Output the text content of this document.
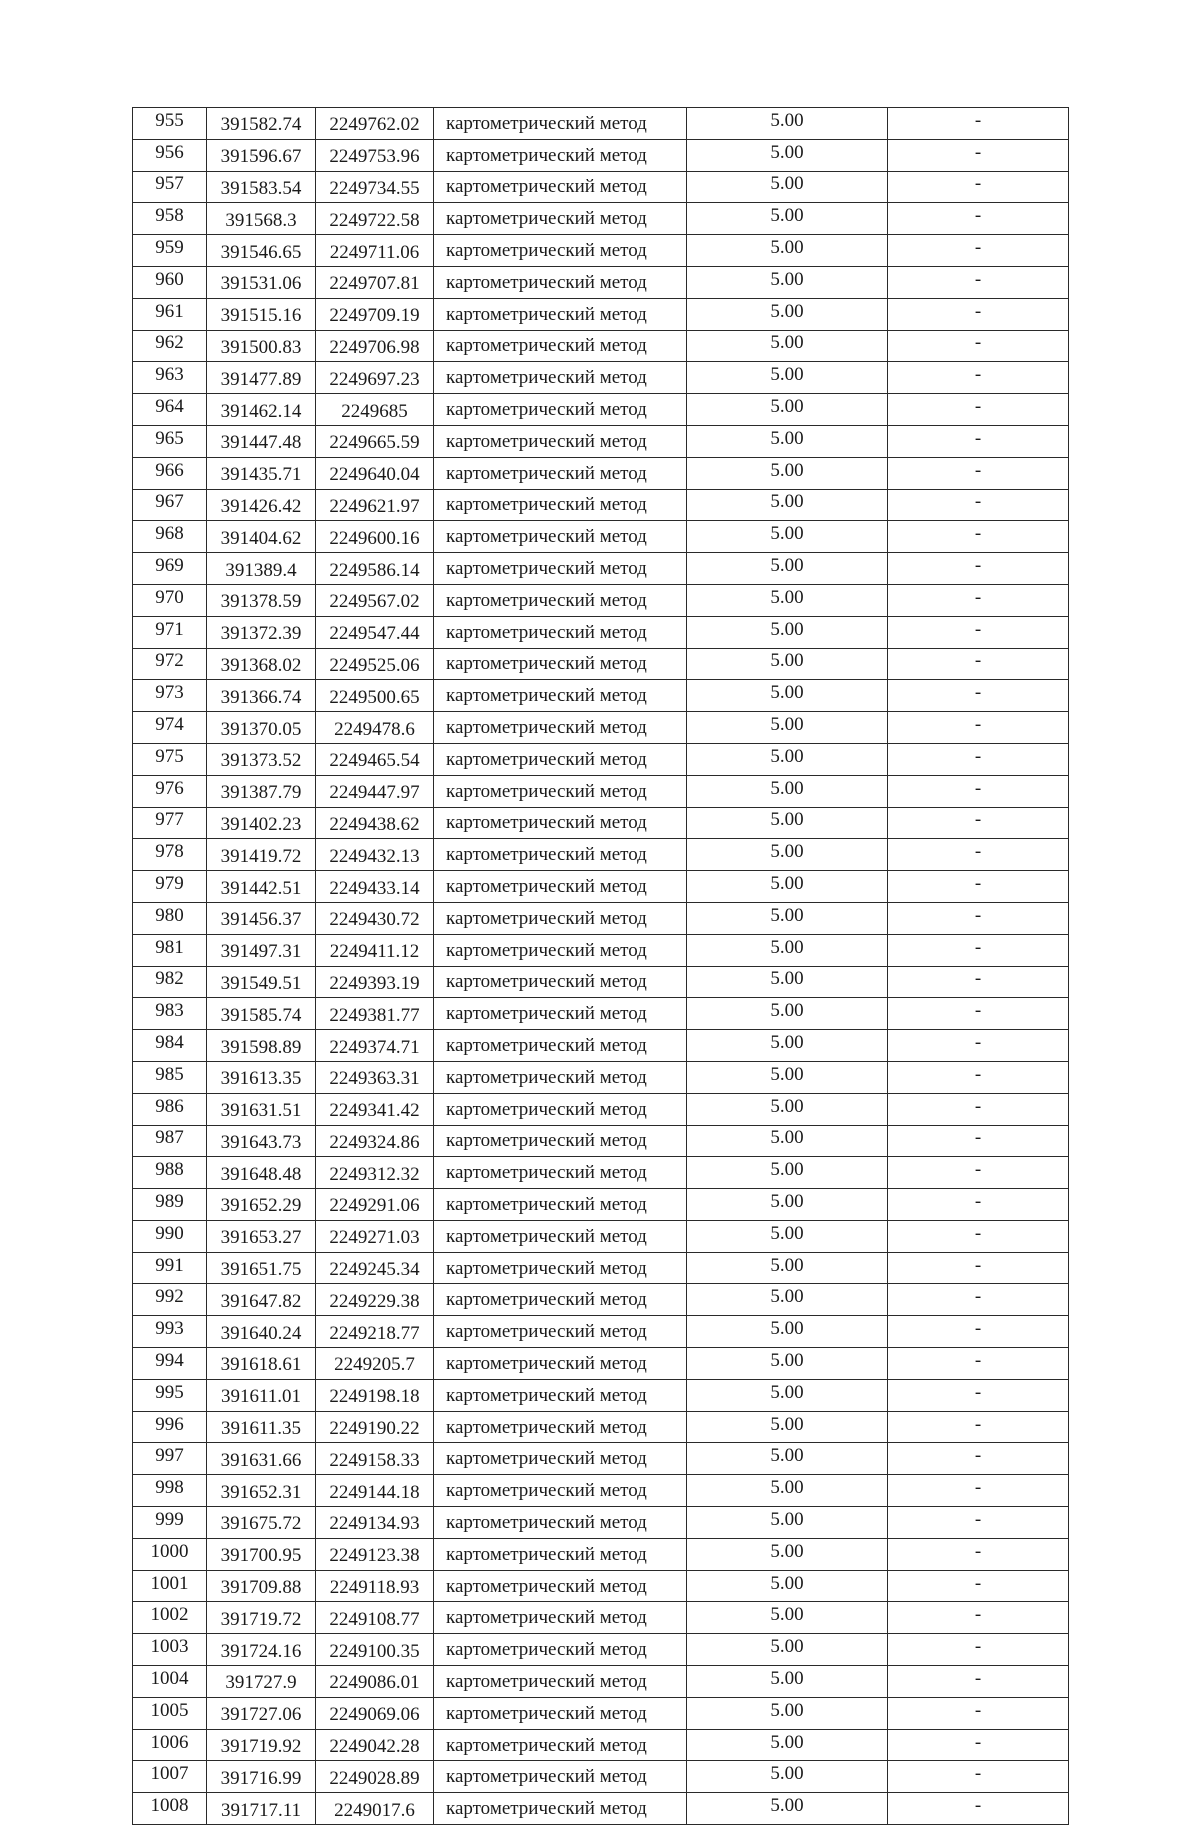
955	391582.74	2249762.02	картометрический метод	5.00	-
956	391596.67	2249753.96	картометрический метод	5.00	-
957	391583.54	2249734.55	картометрический метод	5.00	-
958	391568.3	2249722.58	картометрический метод	5.00	-
959	391546.65	2249711.06	картометрический метод	5.00	-
960	391531.06	2249707.81	картометрический метод	5.00	-
961	391515.16	2249709.19	картометрический метод	5.00	-
962	391500.83	2249706.98	картометрический метод	5.00	-
963	391477.89	2249697.23	картометрический метод	5.00	-
964	391462.14	2249685	картометрический метод	5.00	-
965	391447.48	2249665.59	картометрический метод	5.00	-
966	391435.71	2249640.04	картометрический метод	5.00	-
967	391426.42	2249621.97	картометрический метод	5.00	-
968	391404.62	2249600.16	картометрический метод	5.00	-
969	391389.4	2249586.14	картометрический метод	5.00	-
970	391378.59	2249567.02	картометрический метод	5.00	-
971	391372.39	2249547.44	картометрический метод	5.00	-
972	391368.02	2249525.06	картометрический метод	5.00	-
973	391366.74	2249500.65	картометрический метод	5.00	-
974	391370.05	2249478.6	картометрический метод	5.00	-
975	391373.52	2249465.54	картометрический метод	5.00	-
976	391387.79	2249447.97	картометрический метод	5.00	-
977	391402.23	2249438.62	картометрический метод	5.00	-
978	391419.72	2249432.13	картометрический метод	5.00	-
979	391442.51	2249433.14	картометрический метод	5.00	-
980	391456.37	2249430.72	картометрический метод	5.00	-
981	391497.31	2249411.12	картометрический метод	5.00	-
982	391549.51	2249393.19	картометрический метод	5.00	-
983	391585.74	2249381.77	картометрический метод	5.00	-
984	391598.89	2249374.71	картометрический метод	5.00	-
985	391613.35	2249363.31	картометрический метод	5.00	-
986	391631.51	2249341.42	картометрический метод	5.00	-
987	391643.73	2249324.86	картометрический метод	5.00	-
988	391648.48	2249312.32	картометрический метод	5.00	-
989	391652.29	2249291.06	картометрический метод	5.00	-
990	391653.27	2249271.03	картометрический метод	5.00	-
991	391651.75	2249245.34	картометрический метод	5.00	-
992	391647.82	2249229.38	картометрический метод	5.00	-
993	391640.24	2249218.77	картометрический метод	5.00	-
994	391618.61	2249205.7	картометрический метод	5.00	-
995	391611.01	2249198.18	картометрический метод	5.00	-
996	391611.35	2249190.22	картометрический метод	5.00	-
997	391631.66	2249158.33	картометрический метод	5.00	-
998	391652.31	2249144.18	картометрический метод	5.00	-
999	391675.72	2249134.93	картометрический метод	5.00	-
1000	391700.95	2249123.38	картометрический метод	5.00	-
1001	391709.88	2249118.93	картометрический метод	5.00	-
1002	391719.72	2249108.77	картометрический метод	5.00	-
1003	391724.16	2249100.35	картометрический метод	5.00	-
1004	391727.9	2249086.01	картометрический метод	5.00	-
1005	391727.06	2249069.06	картометрический метод	5.00	-
1006	391719.92	2249042.28	картометрический метод	5.00	-
1007	391716.99	2249028.89	картометрический метод	5.00	-
1008	391717.11	2249017.6	картометрический метод	5.00	-
